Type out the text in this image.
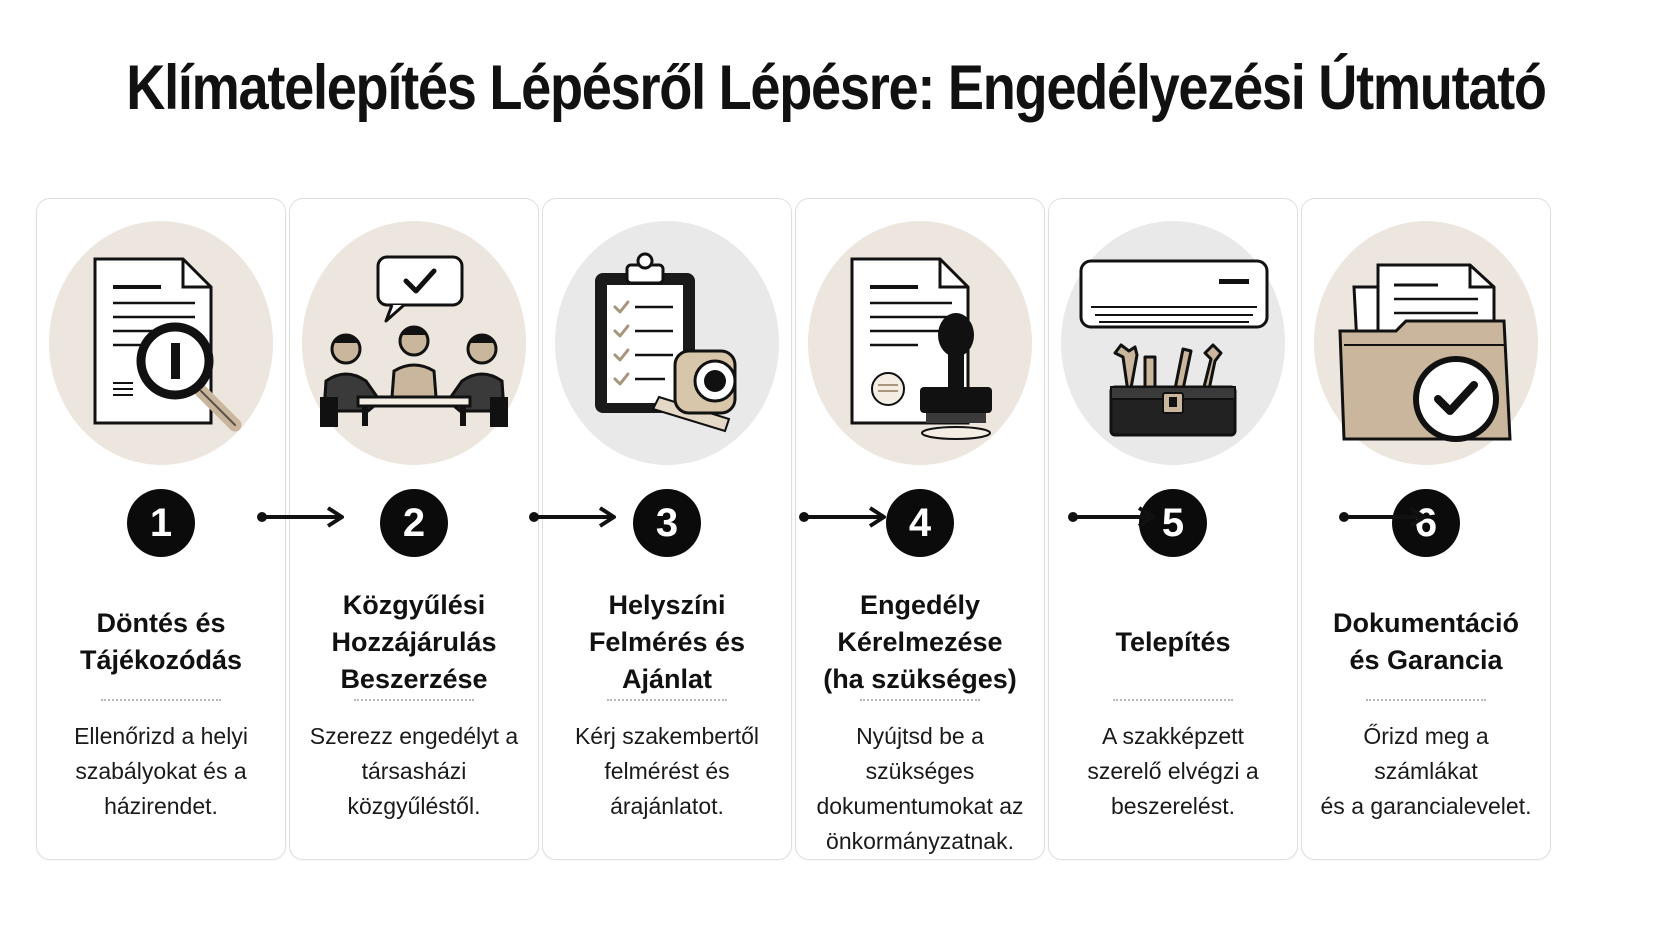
Klímatelepítés Lépésről Lépésre: Engedélyezési Útmutató
1
Döntés és
Tájékozódás
Ellenőrizd a helyi
szabályokat és a
házirendet.
2
Közgyűlési
Hozzájárulás
Beszerzése
Szerezz engedélyt a
társasházi közgyűléstől.
3
Helyszíni
Felmérés és
Ajánlat
Kérj szakembertől
felmérést és
árajánlatot.
4
Engedély
Kérelmezése
(ha szükséges)
Nyújtsd be a szükséges
dokumentumokat az
önkormányzatnak.
5
Telepítés
A szakképzett
szerelő elvégzi a
beszerelést.
6
Dokumentáció
és Garancia
Őrizd meg a számlákat
és a garancialevelet.
